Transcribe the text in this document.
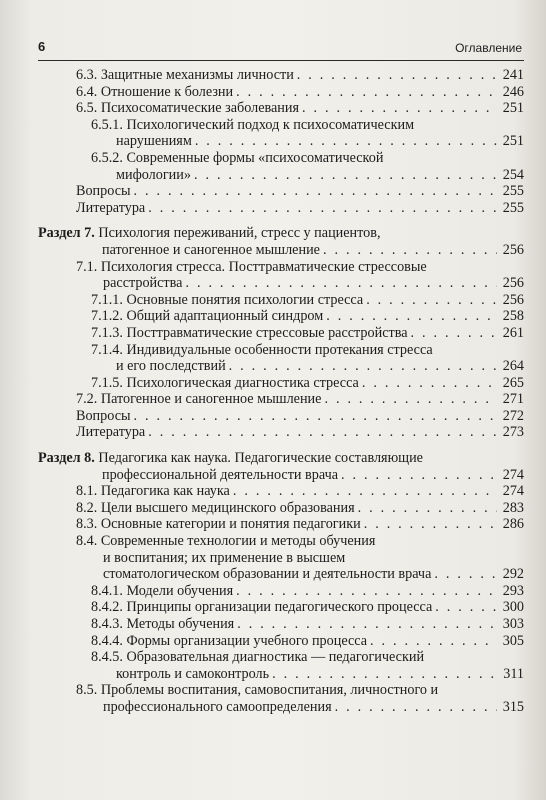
6	Оглавление
6.3. Защитные механизмы личности . . .	241
6.4. Отношение к болезни . . .	246
6.5. Психосоматические заболевания . . .	251
6.5.1. Психологический подход к психосоматическим
нарушениям . . .	251
6.5.2. Современные формы «психосоматической
мифологии» . . .	254
Вопросы . . .	255
Литература . . .	255
Раздел 7. Психология переживаний, стресс у пациентов,
патогенное и саногенное мышление . . .	256
7.1. Психология стресса. Посттравматические стрессовые
расстройства . . .	256
7.1.1. Основные понятия психологии стресса . . .	256
7.1.2. Общий адаптационный синдром . . .	258
7.1.3. Посттравматические стрессовые расстройства . . .	261
7.1.4. Индивидуальные особенности протекания стресса
и его последствий . . .	264
7.1.5. Психологическая диагностика стресса . . .	265
7.2. Патогенное и саногенное мышление . . .	271
Вопросы . . .	272
Литература . . .	273
Раздел 8. Педагогика как наука. Педагогические составляющие
профессиональной деятельности врача . . .	274
8.1. Педагогика как наука . . .	274
8.2. Цели высшего медицинского образования . . .	283
8.3. Основные категории и понятия педагогики . . .	286
8.4. Современные технологии и методы обучения
и воспитания; их применение в высшем
стоматологическом образовании и деятельности врача . . .	292
8.4.1. Модели обучения . . .	293
8.4.2. Принципы организации педагогического процесса . . .	300
8.4.3. Методы обучения . . .	303
8.4.4. Формы организации учебного процесса . . .	305
8.4.5. Образовательная диагностика — педагогический
контроль и самоконтроль . . .	311
8.5. Проблемы воспитания, самовоспитания, личностного и
профессионального самоопределения . . .	315
